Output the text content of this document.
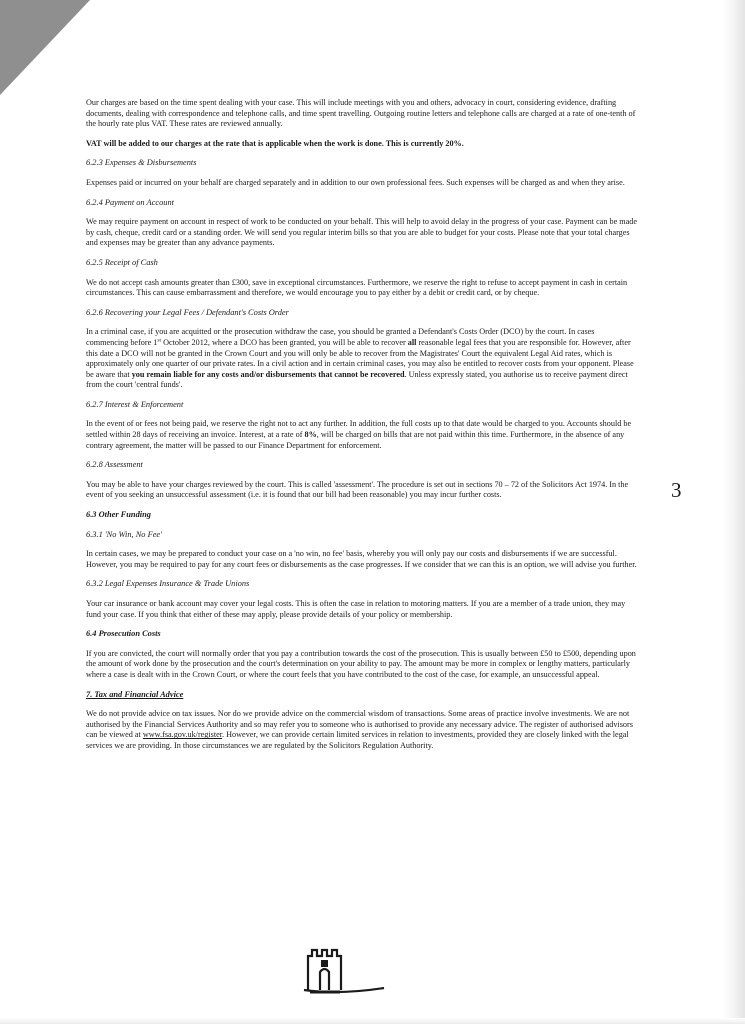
Our charges are based on the time spent dealing with your case. This will include meetings with you and others, advocacy in court, considering evidence, drafting documents, dealing with correspondence and telephone calls, and time spent travelling. Outgoing routine letters and telephone calls are charged at a rate of one-tenth of the hourly rate plus VAT. These rates are reviewed annually.

VAT will be added to our charges at the rate that is applicable when the work is done. This is currently 20%.

6.2.3 Expenses & Disbursements

Expenses paid or incurred on your behalf are charged separately and in addition to our own professional fees. Such expenses will be charged as and when they arise.

6.2.4 Payment on Account

We may require payment on account in respect of work to be conducted on your behalf. This will help to avoid delay in the progress of your case. Payment can be made by cash, cheque, credit card or a standing order. We will send you regular interim bills so that you are able to budget for your costs. Please note that your total charges and expenses may be greater than any advance payments.

6.2.5 Receipt of Cash

We do not accept cash amounts greater than £300, save in exceptional circumstances. Furthermore, we reserve the right to refuse to accept payment in cash in certain circumstances. This can cause embarrassment and therefore, we would encourage you to pay either by a debit or credit card, or by cheque.

6.2.6 Recovering your Legal Fees / Defendant's Costs Order

In a criminal case, if you are acquitted or the prosecution withdraw the case, you should be granted a Defendant's Costs Order (DCO) by the court. In cases commencing before 1st October 2012, where a DCO has been granted, you will be able to recover all reasonable legal fees that you are responsible for. However, after this date a DCO will not be granted in the Crown Court and you will only be able to recover from the Magistrates' Court the equivalent Legal Aid rates, which is approximately only one quarter of our private rates. In a civil action and in certain criminal cases, you may also be entitled to recover costs from your opponent. Please be aware that you remain liable for any costs and/or disbursements that cannot be recovered. Unless expressly stated, you authorise us to receive payment direct from the court 'central funds'.

6.2.7 Interest & Enforcement

In the event of or fees not being paid, we reserve the right not to act any further. In addition, the full costs up to that date would be charged to you. Accounts should be settled within 28 days of receiving an invoice. Interest, at a rate of 8%, will be charged on bills that are not paid within this time. Furthermore, in the absence of any contrary agreement, the matter will be passed to our Finance Department for enforcement.

6.2.8 Assessment

You may be able to have your charges reviewed by the court. This is called 'assessment'. The procedure is set out in sections 70 – 72 of the Solicitors Act 1974. In the event of you seeking an unsuccessful assessment (i.e. it is found that our bill had been reasonable) you may incur further costs.

6.3 Other Funding
6.3.1 'No Win, No Fee'

In certain cases, we may be prepared to conduct your case on a 'no win, no fee' basis, whereby you will only pay our costs and disbursements if we are successful. However, you may be required to pay for any court fees or disbursements as the case progresses. If we consider that we can this is an option, we will advise you further.

6.3.2 Legal Expenses Insurance & Trade Unions

Your car insurance or bank account may cover your legal costs. This is often the case in relation to motoring matters. If you are a member of a trade union, they may fund your case. If you think that either of these may apply, please provide details of your policy or membership.

6.4 Prosecution Costs

If you are convicted, the court will normally order that you pay a contribution towards the cost of the prosecution. This is usually between £50 to £500, depending upon the amount of work done by the prosecution and the court's determination on your ability to pay. The amount may be more in complex or lengthy matters, particularly where a case is dealt with in the Crown Court, or where the court feels that you have contributed to the cost of the case, for example, an unsuccessful appeal.

7. Tax and Financial Advice

We do not provide advice on tax issues. Nor do we provide advice on the commercial wisdom of transactions. Some areas of practice involve investments. We are not authorised by the Financial Services Authority and so may refer you to someone who is authorised to provide any necessary advice. The register of authorised advisors can be viewed at www.fsa.gov.uk/register. However, we can provide certain limited services in relation to investments, provided they are closely linked with the legal services we are providing. In those circumstances we are regulated by the Solicitors Regulation Authority.

3
